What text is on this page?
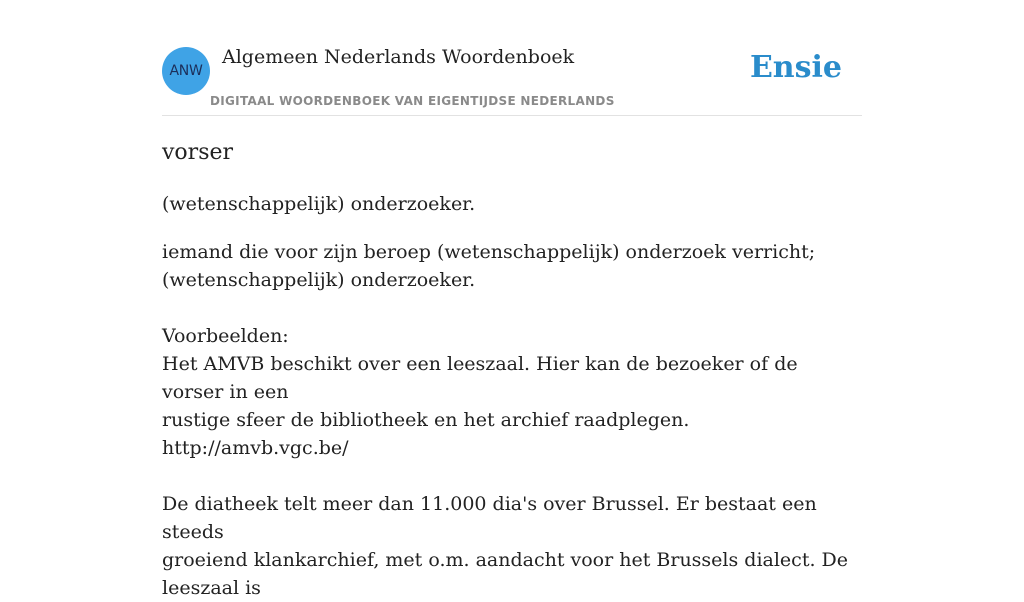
ANW
Algemeen Nederlands Woordenboek
DIGITAAL WOORDENBOEK VAN EIGENTIJDSE NEDERLANDS
Ensie
vorser
(wetenschappelijk) onderzoeker.

iemand die voor zijn beroep (wetenschappelijk) onderzoek verricht;

(wetenschappelijk) onderzoeker.

Voorbeelden:

Het AMVB beschikt over een leeszaal. Hier kan de bezoeker of de vorser in een

rustige sfeer de bibliotheek en het archief raadplegen.

http://amvb.vgc.be/

De diatheek telt meer dan 11.000 dia's over Brussel. Er bestaat een steeds

groeiend klankarchief, met o.m. aandacht voor het Brussels dialect. De leeszaal is
